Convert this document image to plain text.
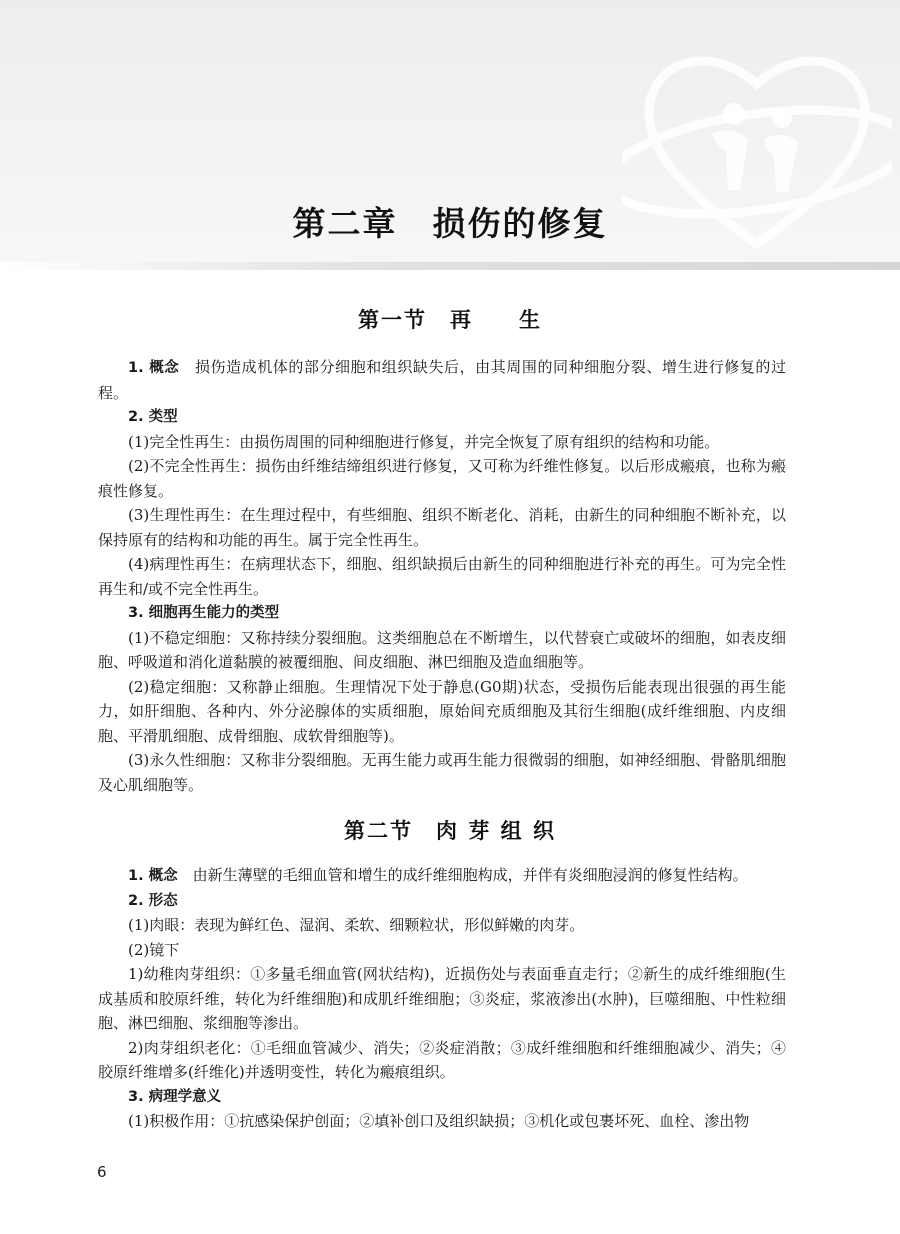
第二章　损伤的修复
第一节　再　　生

1. 概念　 损伤造成机体的部分细胞和组织缺失后，由其周围的同种细胞分裂、增生进行修复的过程。

2. 类型

(1)完全性再生：由损伤周围的同种细胞进行修复，并完全恢复了原有组织的结构和功能。

(2)不完全性再生：损伤由纤维结缔组织进行修复，又可称为纤维性修复。以后形成瘢痕，也称为瘢痕性修复。

(3)生理性再生：在生理过程中，有些细胞、组织不断老化、消耗，由新生的同种细胞不断补充，以保持原有的结构和功能的再生。属于完全性再生。

(4)病理性再生：在病理状态下，细胞、组织缺损后由新生的同种细胞进行补充的再生。可为完全性再生和/或不完全性再生。

3. 细胞再生能力的类型

(1)不稳定细胞：又称持续分裂细胞。这类细胞总在不断增生，以代替衰亡或破坏的细胞，如表皮细胞、呼吸道和消化道黏膜的被覆细胞、间皮细胞、淋巴细胞及造血细胞等。

(2)稳定细胞：又称静止细胞。生理情况下处于静息(G0期)状态，受损伤后能表现出很强的再生能力，如肝细胞、各种内、外分泌腺体的实质细胞，原始间充质细胞及其衍生细胞(成纤维细胞、内皮细胞、平滑肌细胞、成骨细胞、成软骨细胞等)。

(3)永久性细胞：又称非分裂细胞。无再生能力或再生能力很微弱的细胞，如神经细胞、骨骼肌细胞及心肌细胞等。

第二节　肉 芽 组 织

1. 概念　 由新生薄壁的毛细血管和增生的成纤维细胞构成，并伴有炎细胞浸润的修复性结构。

2. 形态

(1)肉眼：表现为鲜红色、湿润、柔软、细颗粒状，形似鲜嫩的肉芽。

(2)镜下

1)幼稚肉芽组织：①多量毛细血管(网状结构)，近损伤处与表面垂直走行；②新生的成纤维细胞(生成基质和胶原纤维，转化为纤维细胞)和成肌纤维细胞；③炎症，浆液渗出(水肿)，巨噬细胞、中性粒细胞、淋巴细胞、浆细胞等渗出。

2)肉芽组织老化：①毛细血管减少、消失；②炎症消散；③成纤维细胞和纤维细胞减少、消失；④胶原纤维增多(纤维化)并透明变性，转化为瘢痕组织。

3. 病理学意义

(1)积极作用：①抗感染保护创面；②填补创口及组织缺损；③机化或包裹坏死、血栓、渗出物

6
